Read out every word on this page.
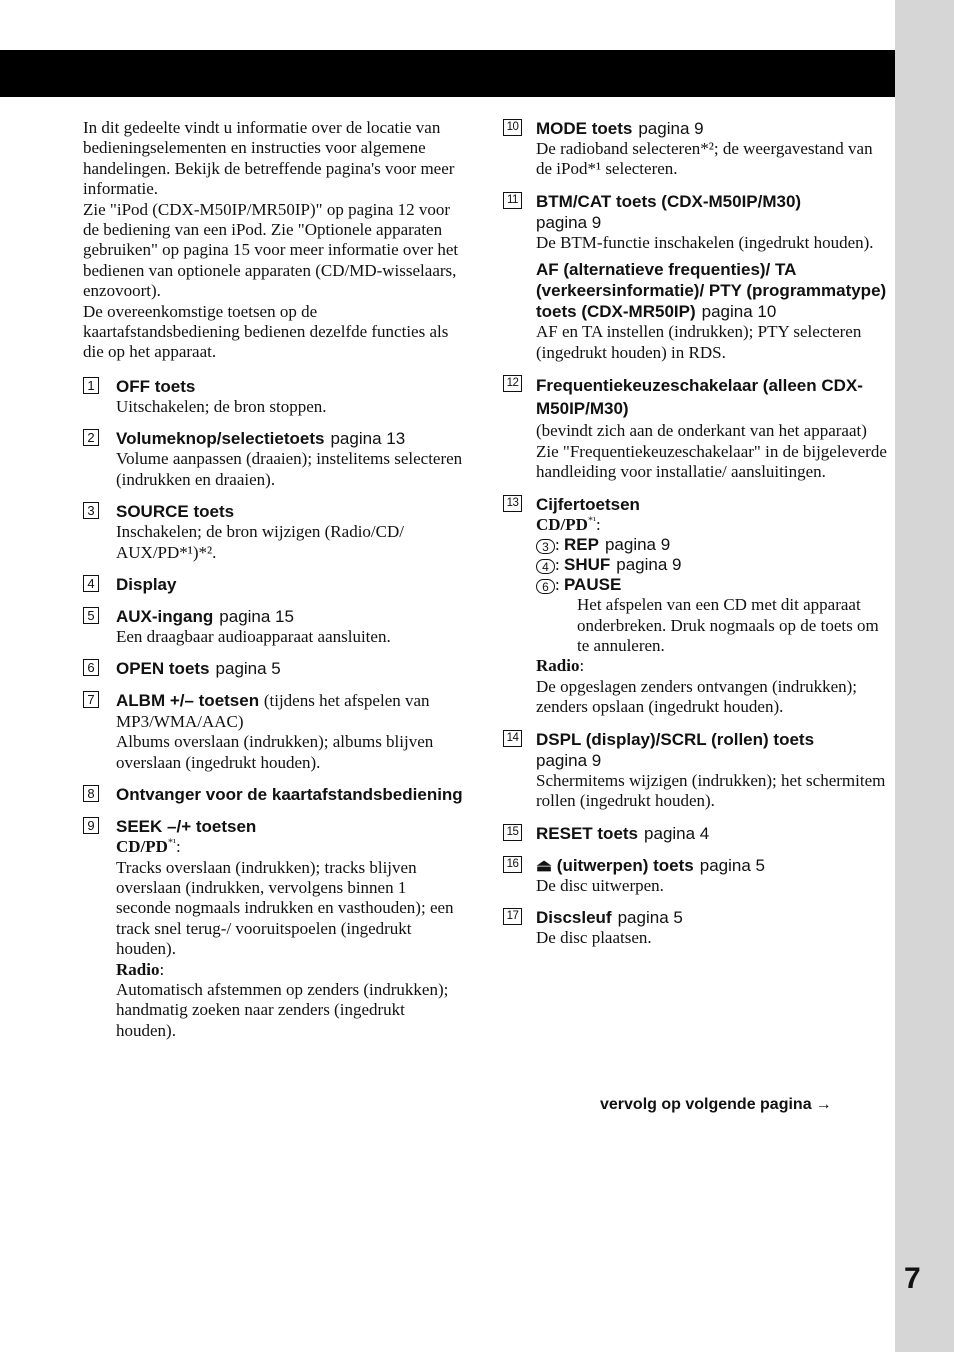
7

In dit gedeelte vindt u informatie over de locatie van bedieningselementen en instructies voor algemene handelingen. Bekijk de betreffende pagina's voor meer informatie.

Zie "iPod (CDX-M50IP/MR50IP)" op pagina 12 voor de bediening van een iPod. Zie "Optionele apparaten gebruiken" op pagina 15 voor meer informatie over het bedienen van optionele apparaten (CD/MD-wisselaars, enzovoort).

De overeenkomstige toetsen op de kaartafstandsbediening bedienen dezelfde functies als die op het apparaat.

1 OFF toets
Uitschakelen; de bron stoppen.
2 Volumeknop/selectietoets pagina 13
Volume aanpassen (draaien); instelitems selecteren (indrukken en draaien).
3 SOURCE toets
Inschakelen; de bron wijzigen (Radio/CD/ AUX/PD*¹)*².
4 Display
5 AUX-ingang pagina 15
Een draagbaar audioapparaat aansluiten.
6 OPEN toets pagina 5
7 ALBM +/– toetsen (tijdens het afspelen van MP3/WMA/AAC)
Albums overslaan (indrukken); albums blijven overslaan (ingedrukt houden).
8 Ontvanger voor de kaartafstandsbediening
9 SEEK –/+ toetsen
$CD/PD^{*^1}$:
Tracks overslaan (indrukken); tracks blijven overslaan (indrukken, vervolgens binnen 1 seconde nogmaals indrukken en vasthouden); een track snel terug-/ vooruitspoelen (ingedrukt houden).
Radio:
Automatisch afstemmen op zenders (indrukken); handmatig zoeken naar zenders (ingedrukt houden).
10 MODE toets pagina 9
De radioband selecteren*²; de weergavestand van de iPod*¹ selecteren.
11 BTM/CAT toets (CDX-M50IP/M30)
pagina 9
De BTM-functie inschakelen (ingedrukt houden).
AF (alternatieve frequenties)/ TA (verkeersinformatie)/ PTY (programmatype) toets (CDX-MR50IP) pagina 10
AF en TA instellen (indrukken); PTY selecteren (ingedrukt houden) in RDS.
12 Frequentiekeuzeschakelaar (alleen CDX-M50IP/M30)
(bevindt zich aan de onderkant van het apparaat)
Zie "Frequentiekeuzeschakelaar" in de bijgeleverde handleiding voor installatie/ aansluitingen.
13 Cijfertoetsen
$CD/PD^{*^1}$:
3 : REP pagina 9
4 : SHUF pagina 9
6 : PAUSE
Het afspelen van een CD met dit apparaat onderbreken. Druk nogmaals op de toets om te annuleren.
Radio:
De opgeslagen zenders ontvangen (indrukken); zenders opslaan (ingedrukt houden).
14 DSPL (display)/SCRL (rollen) toets
pagina 9
Schermitems wijzigen (indrukken); het schermitem rollen (ingedrukt houden).
15 RESET toets pagina 4
16 ⏏ (uitwerpen) toets pagina 5
De disc uitwerpen.
17 Discsleuf pagina 5
De disc plaatsen.
vervolg op volgende pagina →
